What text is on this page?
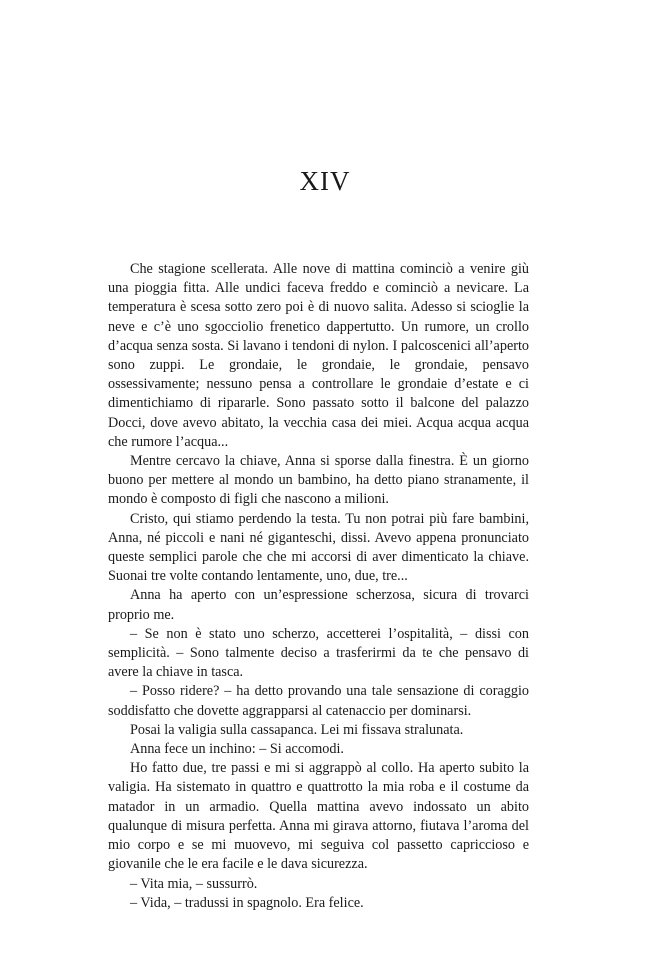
XIV

Che stagione scellerata. Alle nove di mattina cominciò a venire giù una pioggia fitta. Alle undici faceva freddo e cominciò a nevicare. La temperatura è scesa sotto zero poi è di nuovo salita. Adesso si scioglie la neve e c’è uno sgocciolio frenetico dappertutto. Un rumore, un crollo d’acqua senza sosta. Si lavano i tendoni di nylon. I palcoscenici all’aperto sono zuppi. Le grondaie, le grondaie, le grondaie, pensavo ossessivamente; nessuno pensa a controllare le grondaie d’estate e ci dimentichiamo di ripararle. Sono passato sotto il balcone del palazzo Docci, dove avevo abitato, la vecchia casa dei miei. Acqua acqua acqua che rumore l’acqua...

Mentre cercavo la chiave, Anna si sporse dalla finestra. È un giorno buono per mettere al mondo un bambino, ha detto piano stranamente, il mondo è composto di figli che nascono a milioni.

Cristo, qui stiamo perdendo la testa. Tu non potrai più fare bambini, Anna, né piccoli e nani né giganteschi, dissi. Avevo appena pronunciato queste semplici parole che che mi accorsi di aver dimenticato la chiave. Suonai tre volte contando lentamente, uno, due, tre...

Anna ha aperto con un’espressione scherzosa, sicura di trovarci proprio me.

– Se non è stato uno scherzo, accetterei l’ospitalità, – dissi con semplicità. – Sono talmente deciso a trasferirmi da te che pensavo di avere la chiave in tasca.

– Posso ridere? – ha detto provando una tale sensazione di coraggio soddisfatto che dovette aggrapparsi al catenaccio per dominarsi.

Posai la valigia sulla cassapanca. Lei mi fissava stralunata.

Anna fece un inchino: – Si accomodi.

Ho fatto due, tre passi e mi si aggrappò al collo. Ha aperto subito la valigia. Ha sistemato in quattro e quattrotto la mia roba e il costume da matador in un armadio. Quella mattina avevo indossato un abito qualunque di misura perfetta. Anna mi girava attorno, fiutava l’aroma del mio corpo e se mi muovevo, mi seguiva col passetto capriccioso e giovanile che le era facile e le dava sicurezza.

– Vita mia, – sussurrò.

– Vida, – tradussi in spagnolo. Era felice.
